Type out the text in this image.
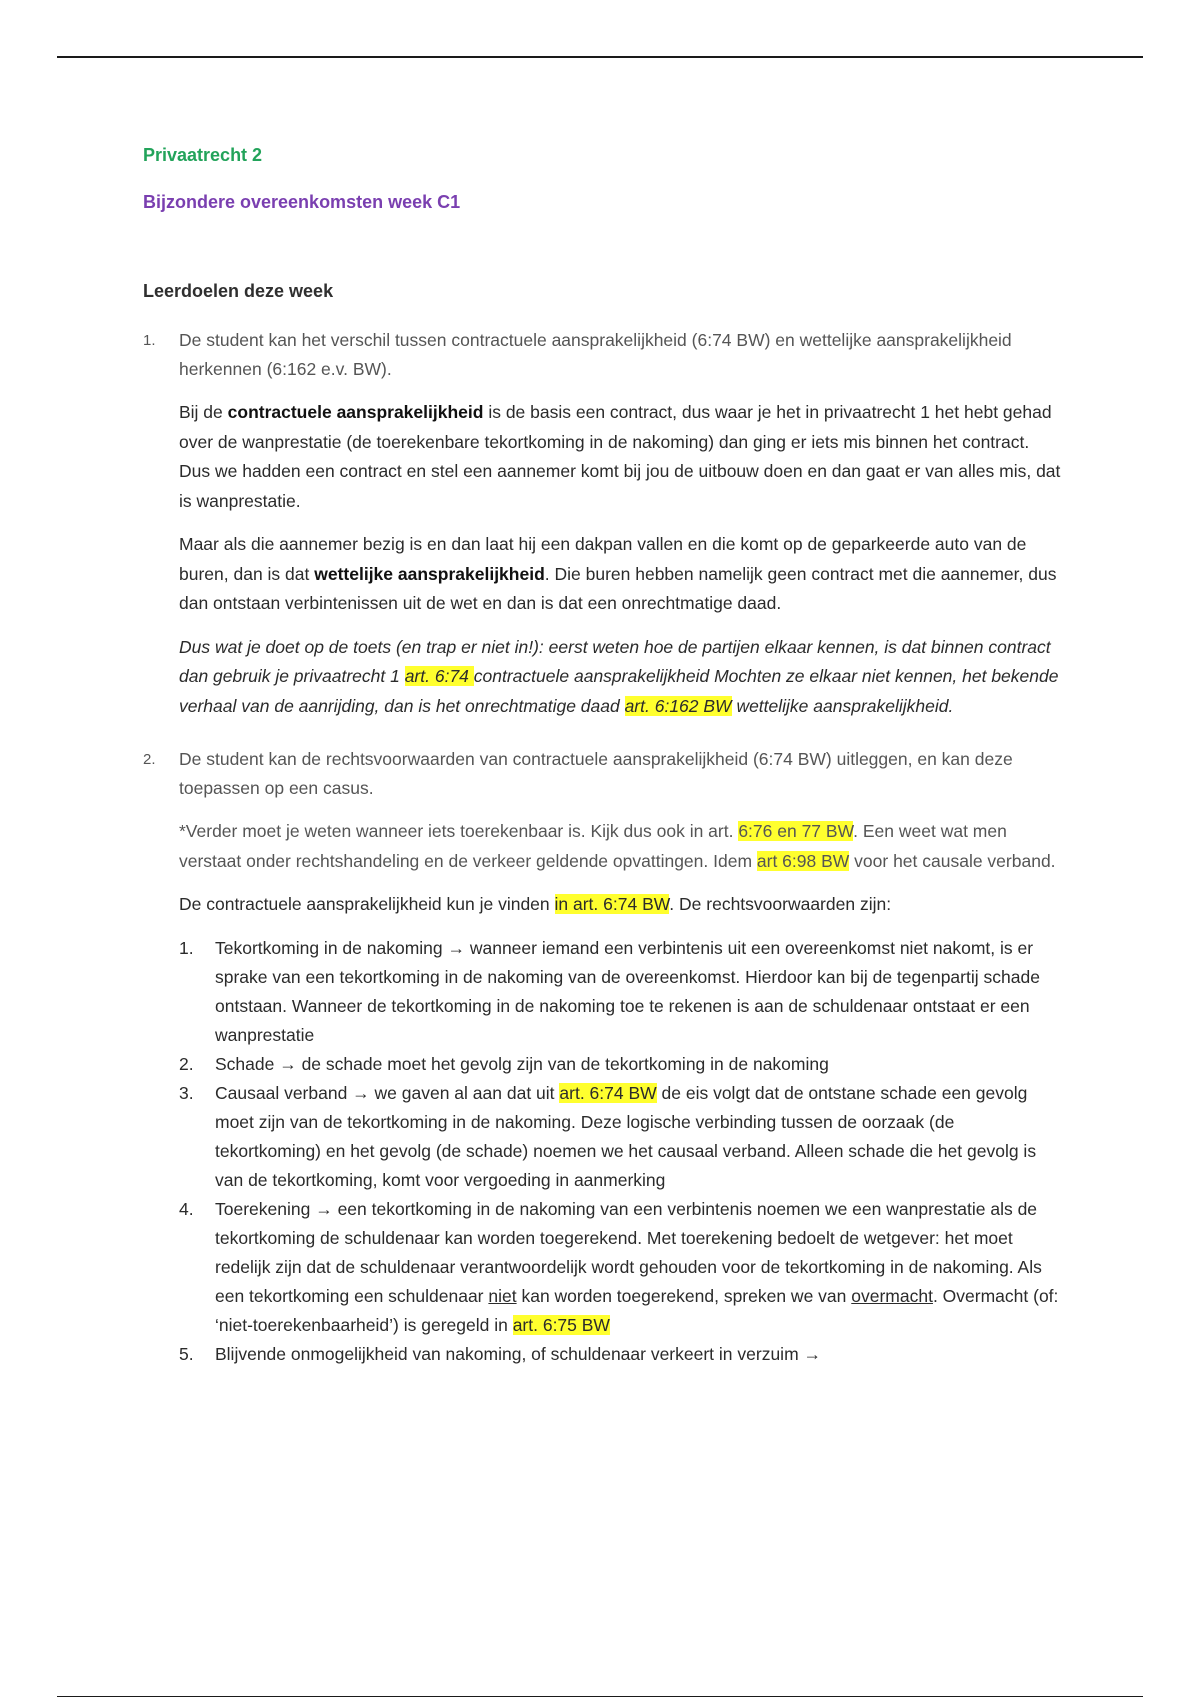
Privaatrecht 2

Bijzondere overeenkomsten week C1

Leerdoelen deze week

1.	De student kan het verschil tussen contractuele aansprakelijkheid (6:74 BW) en wettelijke aansprakelijkheid herkennen (6:162 e.v. BW).

Bij de contractuele aansprakelijkheid is de basis een contract, dus waar je het in privaatrecht 1 het hebt gehad over de wanprestatie (de toerekenbare tekortkoming in de nakoming) dan ging er iets mis binnen het contract. Dus we hadden een contract en stel een aannemer komt bij jou de uitbouw doen en dan gaat er van alles mis, dat is wanprestatie.

Maar als die aannemer bezig is en dan laat hij een dakpan vallen en die komt op de geparkeerde auto van de buren, dan is dat wettelijke aansprakelijkheid. Die buren hebben namelijk geen contract met die aannemer, dus dan ontstaan verbintenissen uit de wet en dan is dat een onrechtmatige daad.

Dus wat je doet op de toets (en trap er niet in!): eerst weten hoe de partijen elkaar kennen, is dat binnen contract dan gebruik je privaatrecht 1 art. 6:74 contractuele aansprakelijkheid Mochten ze elkaar niet kennen, het bekende verhaal van de aanrijding, dan is het onrechtmatige daad art. 6:162 BW wettelijke aansprakelijkheid.

2.	De student kan de rechtsvoorwaarden van contractuele aansprakelijkheid (6:74 BW) uitleggen, en kan deze toepassen op een casus.

*Verder moet je weten wanneer iets toerekenbaar is. Kijk dus ook in art. 6:76 en 77 BW. Een weet wat men verstaat onder rechtshandeling en de verkeer geldende opvattingen. Idem art 6:98 BW voor het causale verband.

De contractuele aansprakelijkheid kun je vinden in art. 6:74 BW. De rechtsvoorwaarden zijn:

1.	Tekortkoming in de nakoming → wanneer iemand een verbintenis uit een overeenkomst niet nakomt, is er sprake van een tekortkoming in de nakoming van de overeenkomst. Hierdoor kan bij de tegenpartij schade ontstaan. Wanneer de tekortkoming in de nakoming toe te rekenen is aan de schuldenaar ontstaat er een wanprestatie
2.	Schade → de schade moet het gevolg zijn van de tekortkoming in de nakoming
3.	Causaal verband → we gaven al aan dat uit art. 6:74 BW de eis volgt dat de ontstane schade een gevolg moet zijn van de tekortkoming in de nakoming. Deze logische verbinding tussen de oorzaak (de tekortkoming) en het gevolg (de schade) noemen we het causaal verband. Alleen schade die het gevolg is van de tekortkoming, komt voor vergoeding in aanmerking
4.	Toerekening → een tekortkoming in de nakoming van een verbintenis noemen we een wanprestatie als de tekortkoming de schuldenaar kan worden toegerekend. Met toerekening bedoelt de wetgever: het moet redelijk zijn dat de schuldenaar verantwoordelijk wordt gehouden voor de tekortkoming in de nakoming. Als een tekortkoming een schuldenaar niet kan worden toegerekend, spreken we van overmacht. Overmacht (of: ‘niet-toerekenbaarheid’) is geregeld in art. 6:75 BW
5.	Blijvende onmogelijkheid van nakoming, of schuldenaar verkeert in verzuim →
